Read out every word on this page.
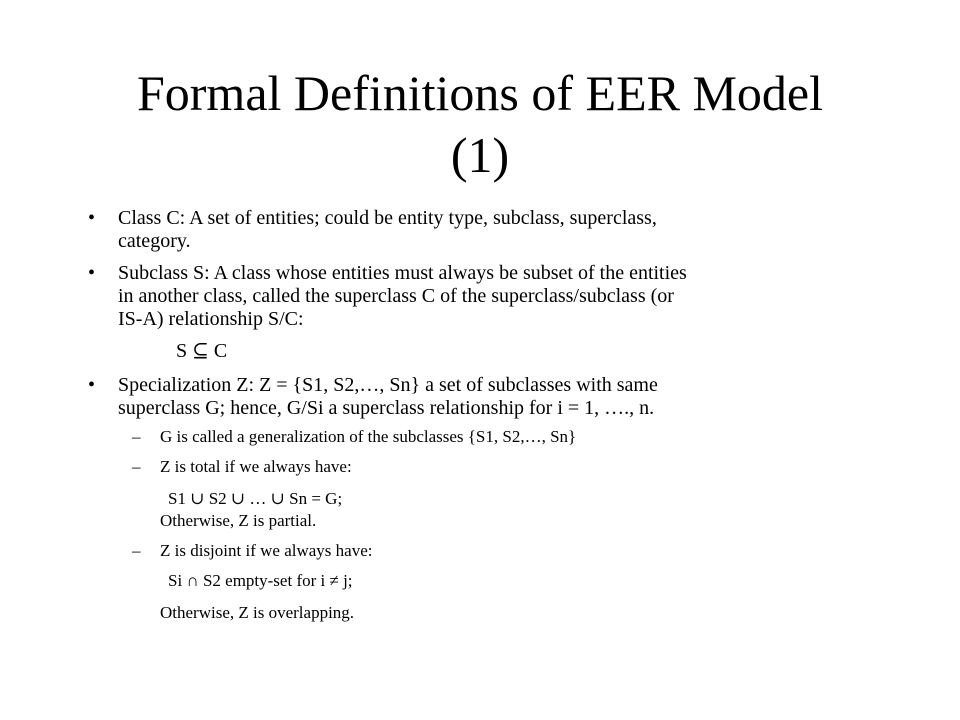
Formal Definitions of EER Model
(1)
• Class C: A set of entities; could be entity type, subclass, superclass,
category.
• Subclass S: A class whose entities must always be subset of the entities
in another class, called the superclass C of the superclass/subclass (or
IS-A) relationship S/C:
S ⊆ C
• Specialization Z: Z = {S1, S2,…, Sn} a set of subclasses with same
superclass G; hence, G/Si a superclass relationship for i = 1, …., n.
– G is called a generalization of the subclasses {S1, S2,…, Sn}
– Z is total if we always have:
S1 ∪ S2 ∪ … ∪ Sn = G;
Otherwise, Z is partial.
– Z is disjoint if we always have:
Si ∩ S2 empty-set for i ≠ j;
Otherwise, Z is overlapping.
